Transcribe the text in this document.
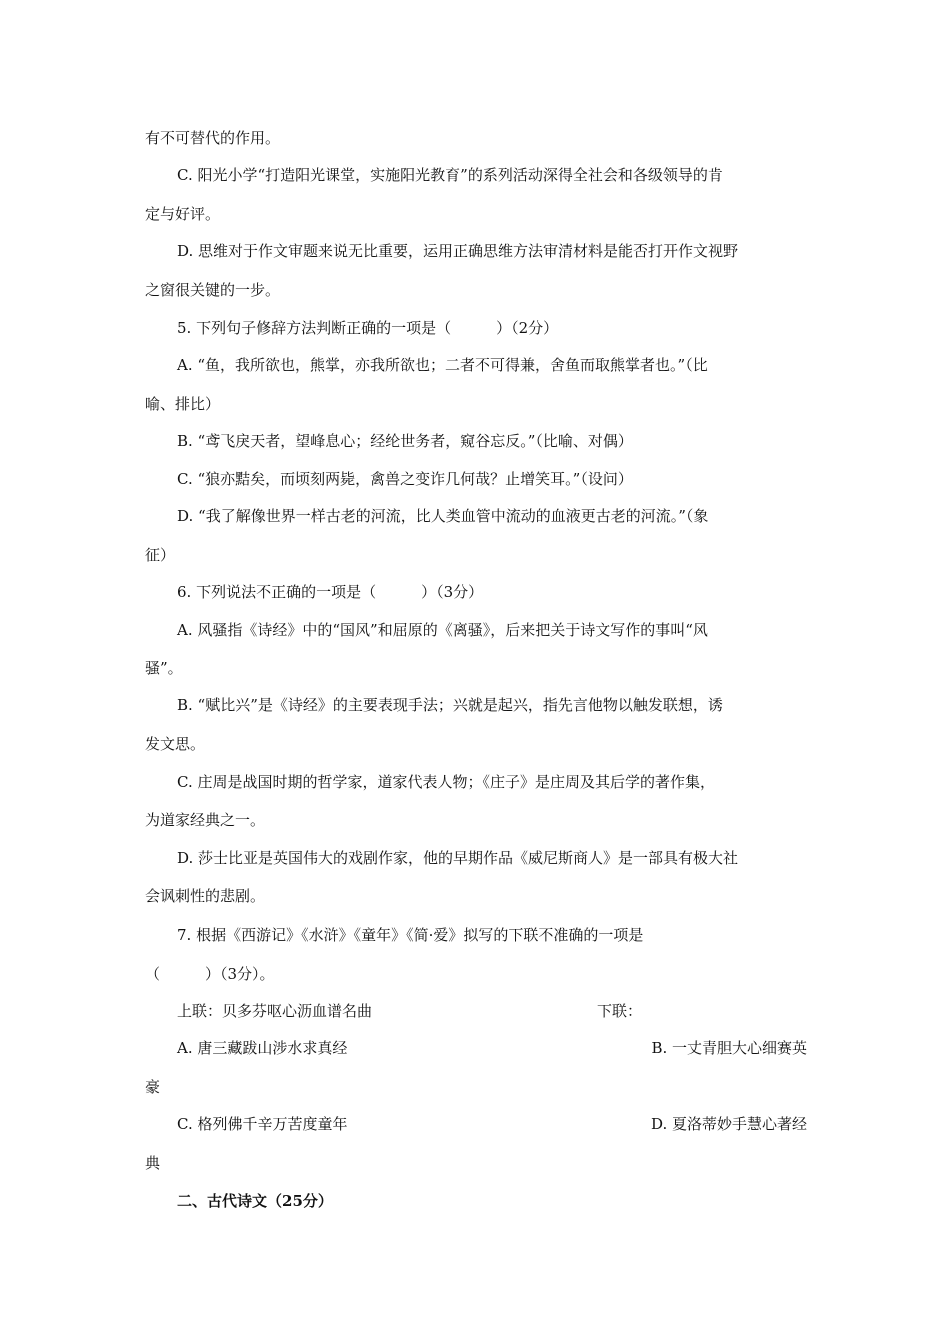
有不可替代的作用。
C. 阳光小学“打造阳光课堂，实施阳光教育”的系列活动深得全社会和各级领导的肯
定与好评。
D. 思维对于作文审题来说无比重要，运用正确思维方法审清材料是能否打开作文视野
之窗很关键的一步。
5. 下列句子修辞方法判断正确的一项是（　　　）（2分）
A. “鱼，我所欲也，熊掌，亦我所欲也；二者不可得兼，舍鱼而取熊掌者也。”（比
喻、排比）
B. “鸢飞戾天者，望峰息心；经纶世务者，窥谷忘反。”（比喻、对偶）
C. “狼亦黠矣，而顷刻两毙，禽兽之变诈几何哉？止增笑耳。”（设问）
D. “我了解像世界一样古老的河流，比人类血管中流动的血液更古老的河流。”（象
征）
6. 下列说法不正确的一项是（　　　）（3分）
A. 风骚指《诗经》中的“国风”和屈原的《离骚》，后来把关于诗文写作的事叫“风
骚”。
B. “赋比兴”是《诗经》的主要表现手法；兴就是起兴，指先言他物以触发联想，诱
发文思。
C. 庄周是战国时期的哲学家，道家代表人物；《庄子》是庄周及其后学的著作集，
为道家经典之一。
D. 莎士比亚是英国伟大的戏剧作家，他的早期作品《威尼斯商人》是一部具有极大社
会讽刺性的悲剧。
7. 根据《西游记》《水浒》《童年》《简·爱》拟写的下联不准确的一项是
（　　　）（3分）。
上联：贝多芬呕心沥血谱名曲	下联：
A. 唐三藏跋山涉水求真经	B. 一丈青胆大心细赛英
豪
C. 格列佛千辛万苦度童年	D. 夏洛蒂妙手慧心著经
典
二、古代诗文（25分）
